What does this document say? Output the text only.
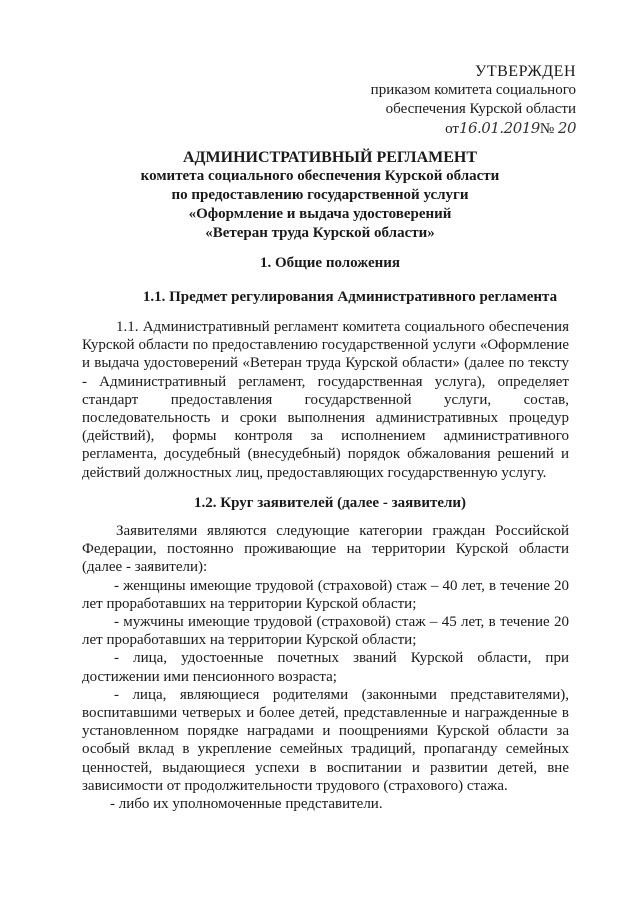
УТВЕРЖДЕН
приказом комитета социального
обеспечения Курской области
от16.01.2019№ 20
АДМИНИСТРАТИВНЫЙ РЕГЛАМЕНТ
комитета социального обеспечения Курской области
по предоставлению государственной услуги
«Оформление и выдача удостоверений
«Ветеран труда Курской области»
1. Общие положения
1.1. Предмет регулирования Административного регламента

1.1. Административный регламент комитета социального обеспечения Курской области по предоставлению государственной услуги «Оформление и выдача удостоверений «Ветеран труда Курской области» (далее по тексту - Административный регламент, государственная услуга), определяет стандарт предоставления государственной услуги, состав, последовательность и сроки выполнения административных процедур (действий), формы контроля за исполнением административного регламента, досудебный (внесудебный) порядок обжалования решений и действий должностных лиц, предоставляющих государственную услугу.

1.2. Круг заявителей (далее - заявители)

Заявителями являются следующие категории граждан Российской Федерации, постоянно проживающие на территории Курской области (далее - заявители):

- женщины имеющие трудовой (страховой) стаж – 40 лет, в течение 20 лет проработавших на территории Курской области;

- мужчины имеющие трудовой (страховой) стаж – 45 лет, в течение 20 лет проработавших на территории Курской области;

- лица, удостоенные почетных званий Курской области, при достижении ими пенсионного возраста;

- лица, являющиеся родителями (законными представителями), воспитавшими четверых и более детей, представленные и награжденные в установленном порядке наградами и поощрениями Курской области за особый вклад в укрепление семейных традиций, пропаганду семейных ценностей, выдающиеся успехи в воспитании и развитии детей, вне зависимости от продолжительности трудового (страхового) стажа.

- либо их уполномоченные представители.
